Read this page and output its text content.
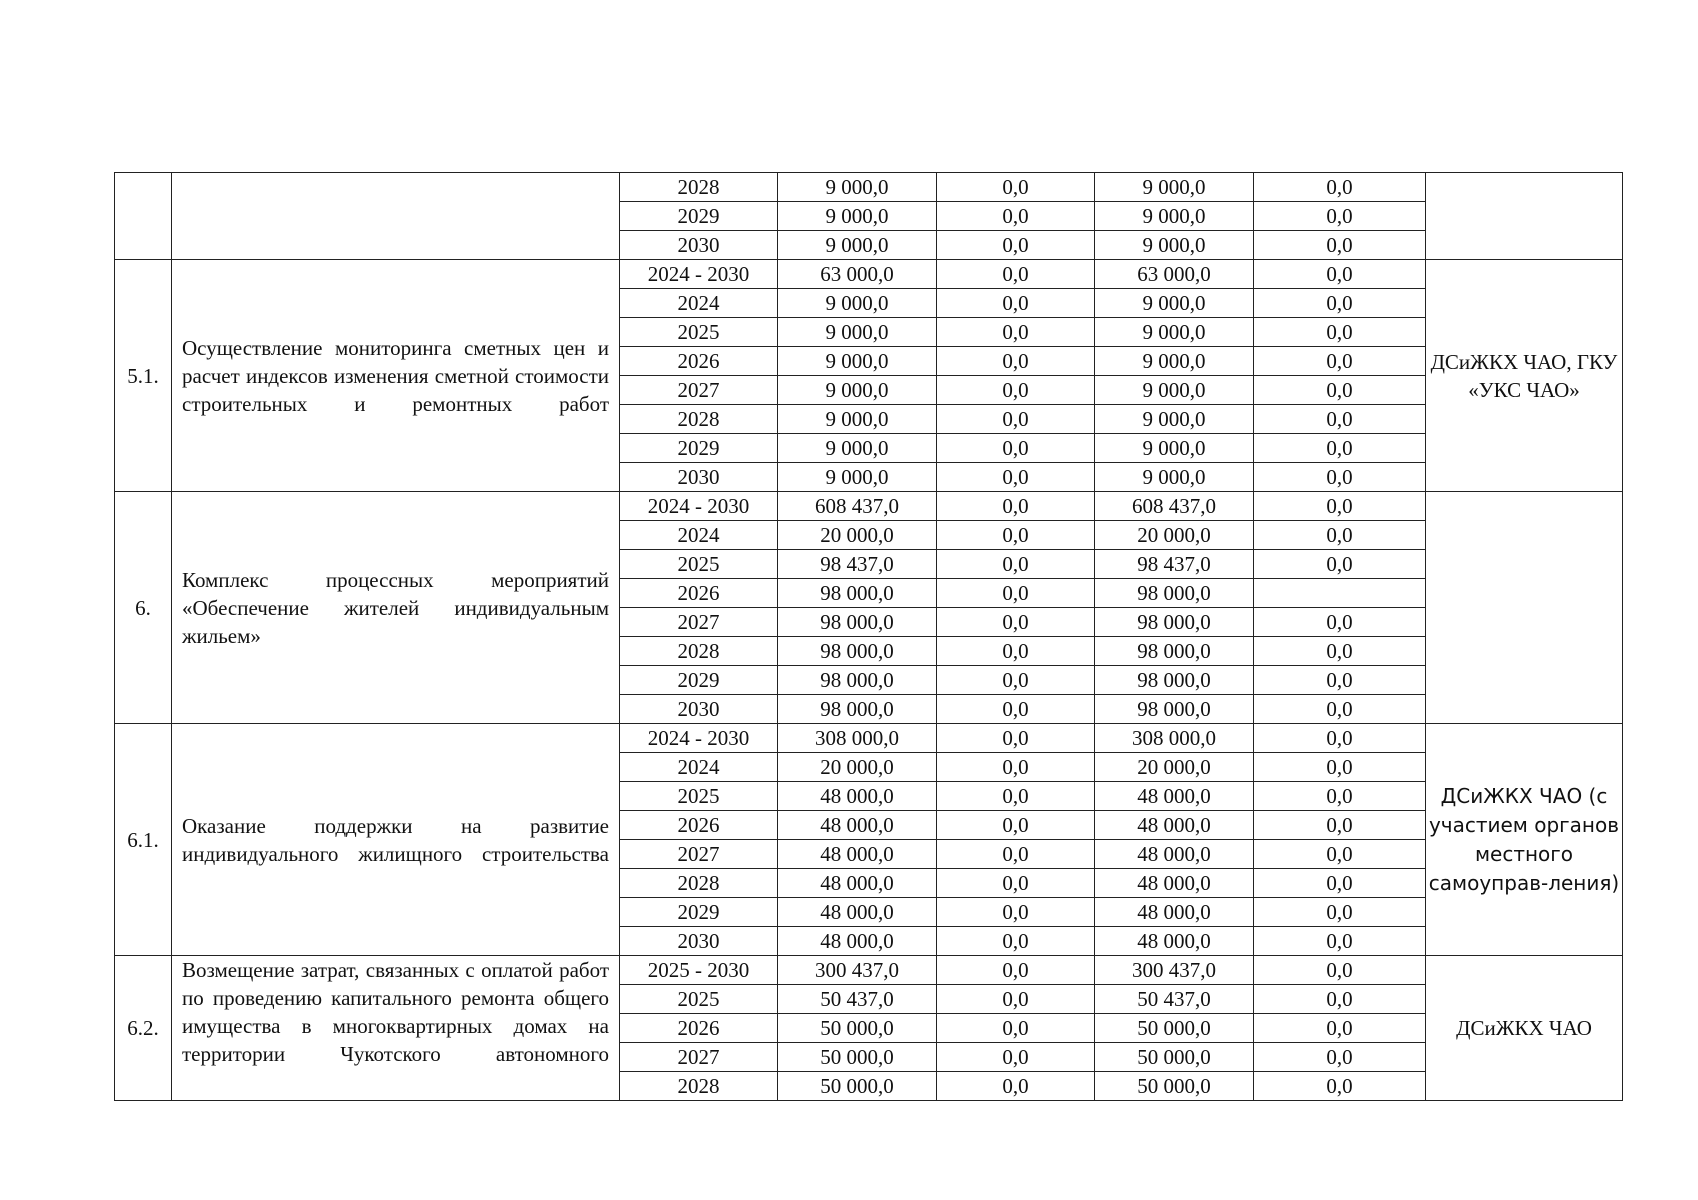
		2028	9 000,0	0,0	9 000,0	0,0	
		2029	9 000,0	0,0	9 000,0	0,0	
		2030	9 000,0	0,0	9 000,0	0,0	
5.1.	Осуществление мониторинга сметных цен и расчет индексов изменения сметной стоимости строительных и ремонтных работ	2024 - 2030	63 000,0	0,0	63 000,0	0,0	ДСиЖКХ ЧАО, ГКУ «УКС ЧАО»
		2024	9 000,0	0,0	9 000,0	0,0	
		2025	9 000,0	0,0	9 000,0	0,0	
		2026	9 000,0	0,0	9 000,0	0,0	
		2027	9 000,0	0,0	9 000,0	0,0	
		2028	9 000,0	0,0	9 000,0	0,0	
		2029	9 000,0	0,0	9 000,0	0,0	
		2030	9 000,0	0,0	9 000,0	0,0	
6.	Комплекс процессных мероприятий «Обеспечение жителей индивидуальным жильем»	2024 - 2030	608 437,0	0,0	608 437,0	0,0	
		2024	20 000,0	0,0	20 000,0	0,0	
		2025	98 437,0	0,0	98 437,0	0,0	
		2026	98 000,0	0,0	98 000,0		
		2027	98 000,0	0,0	98 000,0	0,0	
		2028	98 000,0	0,0	98 000,0	0,0	
		2029	98 000,0	0,0	98 000,0	0,0	
		2030	98 000,0	0,0	98 000,0	0,0	
6.1.	Оказание поддержки на развитие индивидуального жилищного строительства	2024 - 2030	308 000,0	0,0	308 000,0	0,0	ДСиЖКХ ЧАО (с участием органов местного самоуправ-ления)
		2024	20 000,0	0,0	20 000,0	0,0	
		2025	48 000,0	0,0	48 000,0	0,0	
		2026	48 000,0	0,0	48 000,0	0,0	
		2027	48 000,0	0,0	48 000,0	0,0	
		2028	48 000,0	0,0	48 000,0	0,0	
		2029	48 000,0	0,0	48 000,0	0,0	
		2030	48 000,0	0,0	48 000,0	0,0	
6.2.	Возмещение затрат, связанных с оплатой работ по проведению капитального ремонта общего имущества в многоквартирных домах на территории Чукотского автономного	2025 - 2030	300 437,0	0,0	300 437,0	0,0	ДСиЖКХ ЧАО
		2025	50 437,0	0,0	50 437,0	0,0	
		2026	50 000,0	0,0	50 000,0	0,0	
		2027	50 000,0	0,0	50 000,0	0,0	
		2028	50 000,0	0,0	50 000,0	0,0	
